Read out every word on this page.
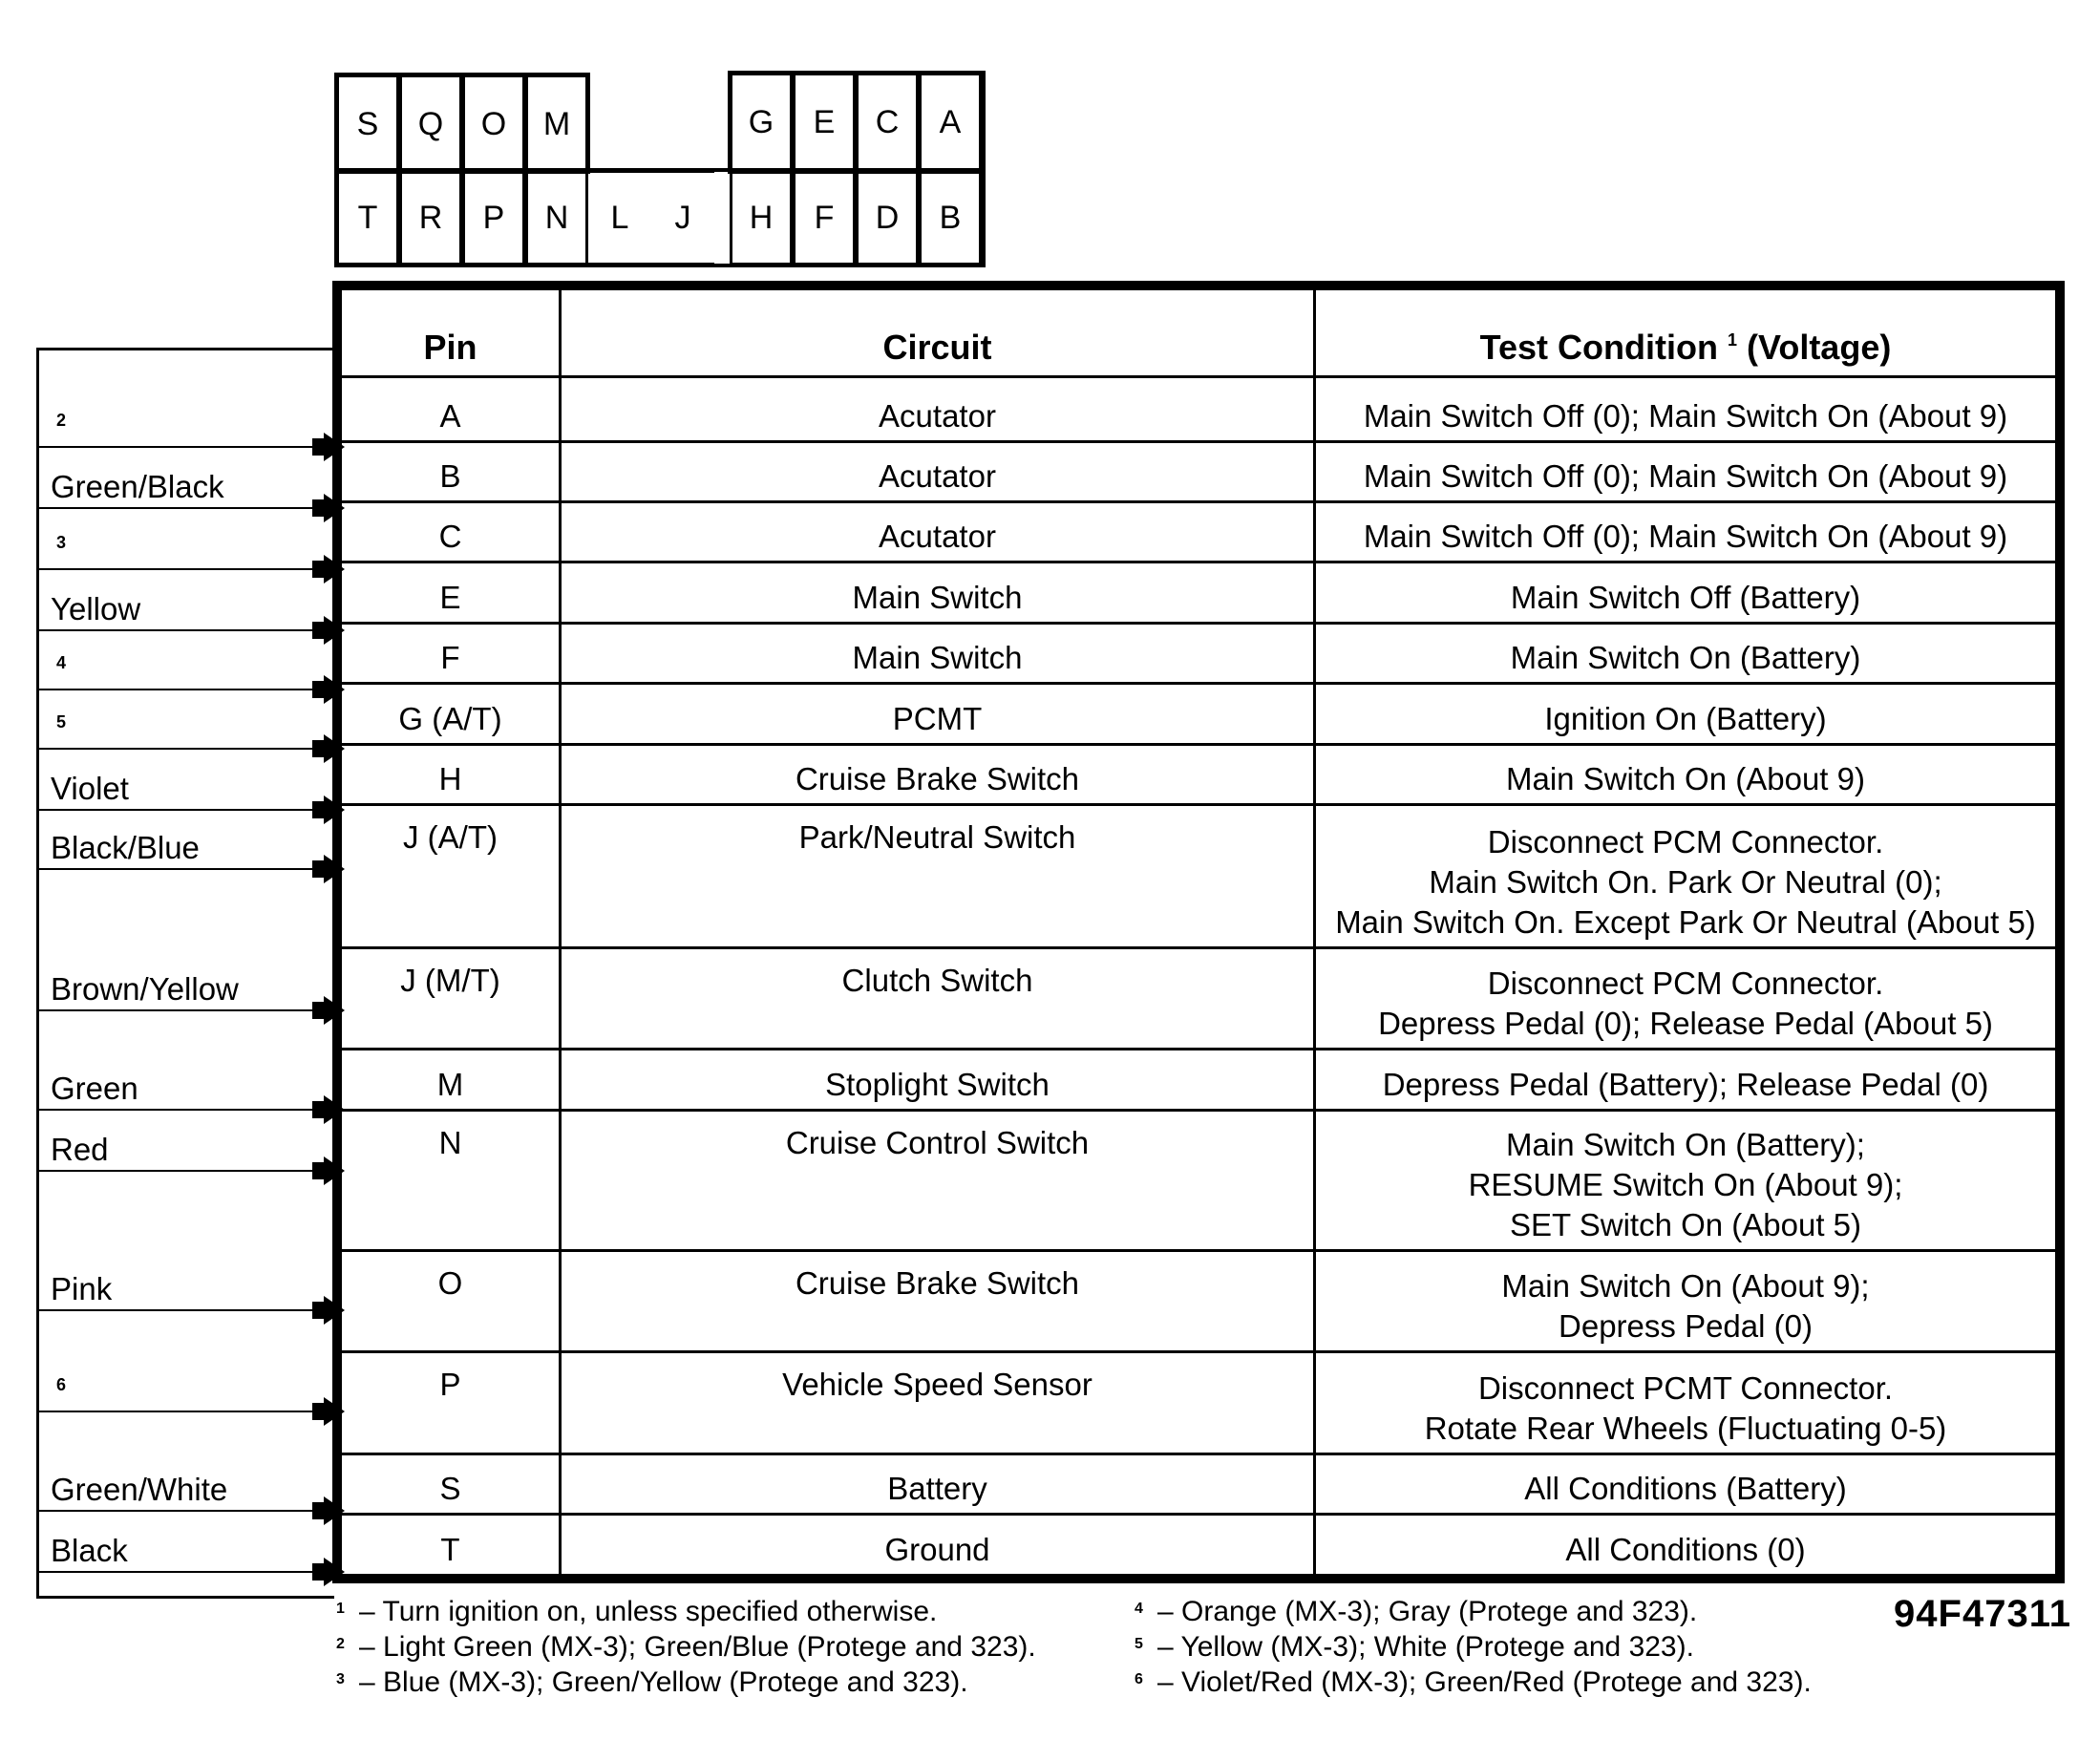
S	Q	O	M	G	E	C	A
T	R	P	N	L	J	H	F	D	B
2
Green/Black
3
Yellow
4
5
Violet
Black/Blue
Brown/Yellow
Green
Red
Pink
6
Green/White
Black
Pin	Circuit	Test Condition $^1$ (Voltage)
A	Acutator	Main Switch Off (0); Main Switch On (About 9)

B	Acutator	Main Switch Off (0); Main Switch On (About 9)

C	Acutator	Main Switch Off (0); Main Switch On (About 9)

E	Main Switch	Main Switch Off (Battery)

F	Main Switch	Main Switch On (Battery)

G (A/T)	PCMT	Ignition On (Battery)

H	Cruise Brake Switch	Main Switch On (About 9)

J (A/T)	Park/Neutral Switch	Disconnect PCM Connector.
Main Switch On. Park Or Neutral (0);
Main Switch On. Except Park Or Neutral (About 5)

J (M/T)	Clutch Switch	Disconnect PCM Connector.
Depress Pedal (0); Release Pedal (About 5)

M	Stoplight Switch	Depress Pedal (Battery); Release Pedal (0)

N	Cruise Control Switch	Main Switch On (Battery);
RESUME Switch On (About 9);
SET Switch On (About 5)

O	Cruise Brake Switch	Main Switch On (About 9);
Depress Pedal (0)

P	Vehicle Speed Sensor	Disconnect PCMT Connector.
Rotate Rear Wheels (Fluctuating 0-5)

S	Battery	All Conditions (Battery)

T	Ground	All Conditions (0)
1 – Turn ignition on, unless specified otherwise.
2 – Light Green (MX-3); Green/Blue (Protege and 323).
3 – Blue (MX-3); Green/Yellow (Protege and 323).
4 – Orange (MX-3); Gray (Protege and 323).
5 – Yellow (MX-3); White (Protege and 323).
6 – Violet/Red (MX-3); Green/Red (Protege and 323).
94F47311
